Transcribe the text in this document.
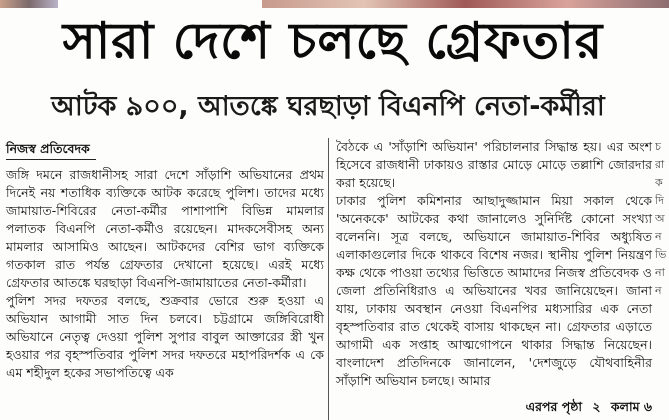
সারা দেশে চলছে গ্রেফতার
আটক ৯০০, আতঙ্কে ঘরছাড়া বিএনপি নেতা-কর্মীরা
নিজস্ব প্রতিবেদক

জঙ্গি দমনে রাজধানীসহ সারা দেশে সাঁড়াশি অভিযানের প্রথম দিনেই নয় শতাধিক ব্যক্তিকে আটক করেছে পুলিশ। তাদের মধ্যে জামায়াত-শিবিরের নেতা-কর্মীর পাশাপাশি বিভিন্ন মামলার পলাতক বিএনপি নেতা-কর্মীও রয়েছেন। মাদকসেবীসহ অন্য মামলার আসামিও আছেন। আটকদের বেশির ভাগ ব্যক্তিকে গতকাল রাত পর্যন্ত গ্রেফতার দেখানো হয়েছে। এরই মধ্যে গ্রেফতার আতঙ্কে ঘরছাড়া বিএনপি-জামায়াতের নেতা-কর্মীরা।

পুলিশ সদর দফতর বলছে, শুক্রবার ভোরে শুরু হওয়া এ অভিযান আগামী সাত দিন চলবে। চট্টগ্রামে জঙ্গিবিরোধী অভিযানে নেতৃত্ব দেওয়া পুলিশ সুপার বাবুল আক্তারের স্ত্রী খুন হওয়ার পর বৃহস্পতিবার পুলিশ সদর দফতরে মহাপরিদর্শক এ কে এম শহীদুল হকের সভাপতিত্বে এক

বৈঠকে এ 'সাঁড়াশি অভিযান' পরিচালনার সিদ্ধান্ত হয়। এর অংশ হিসেবে রাজধানী ঢাকায়ও রাস্তার মোড়ে মোড়ে তল্লাশি জোরদার করা হয়েছে।

ঢাকার পুলিশ কমিশনার আছাদুজ্জামান মিয়া সকাল থেকে 'অনেককে' আটকের কথা জানালেও সুনির্দিষ্ট কোনো সংখ্যা বলেননি। সূত্র বলছে, অভিযানে জামায়াত-শিবির অধ্যুষিত এলাকাগুলোর দিকে থাকবে বিশেষ নজর। স্থানীয় পুলিশ নিয়ন্ত্রণ কক্ষ থেকে পাওয়া তথ্যের ভিত্তিতে আমাদের নিজস্ব প্রতিবেদক ও জেলা প্রতিনিধিরাও এ অভিযানের খবর জানিয়েছেন। জানা যায়, ঢাকায় অবস্থান নেওয়া বিএনপির মধ্যসারির এক নেতা বৃহস্পতিবার রাত থেকেই বাসায় থাকছেন না। গ্রেফতার এড়াতে আগামী এক সপ্তাহ আত্মগোপনে থাকার সিদ্ধান্ত নিয়েছেন। বাংলাদেশ প্রতিদিনকে জানালেন, 'দেশজুড়ে যৌথবাহিনীর সাঁড়াশি অভিযান চলছে। আমার

এরপর পৃষ্ঠা ২ কলাম ৬
চ রা ক দি অ ন ভি না ন
